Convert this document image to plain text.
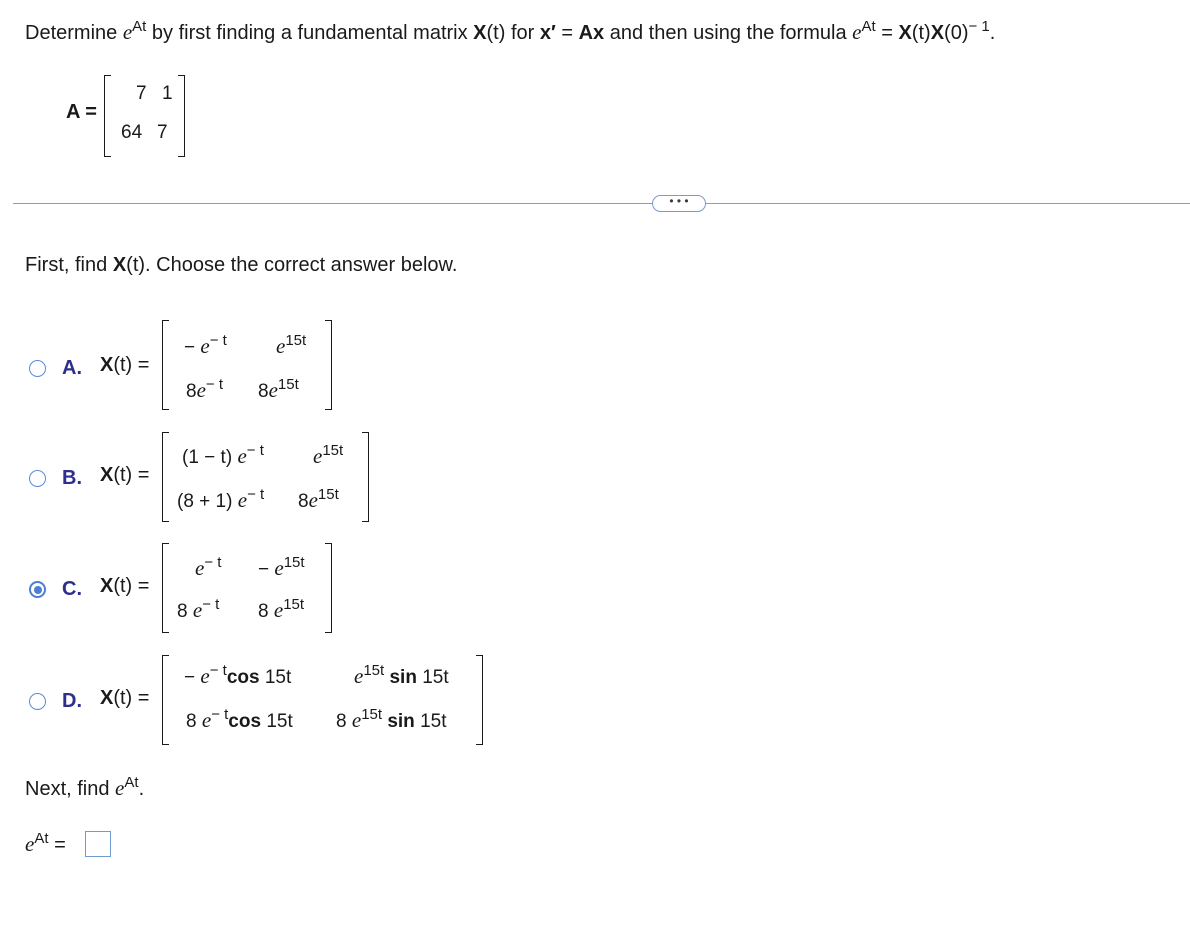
Determine $e^{At}$ by first finding a fundamental matrix X(t) for x′ = Ax and then using the formula $e^{At} = X(t)X(0)^{- 1}$.
A =
7 1
64 7
• • •
First, find X(t). Choose the correct answer below.
A. X(t) =
− $e^{- t}$ $e^{15t}$
$8e^{- t}$ $8e^{15t}$
B. X(t) =
(1 − t) $e^{- t}$ $e^{15t}$
(8 + 1) $e^{- t}$ $8e^{15t}$
C. X(t) =
$e^{- t} - e^{15t}$
8 $e^{- t}$ 8 $e^{15t}$
D. X(t) =
− $e^{- t}\cos$ 15t	$e^{15t}$ sin 15t
8 $e^{- t}\cos$ 15t 8 $e^{15t}$ sin 15t
Next, find $e^{At}$.
$e^{At}$ =
